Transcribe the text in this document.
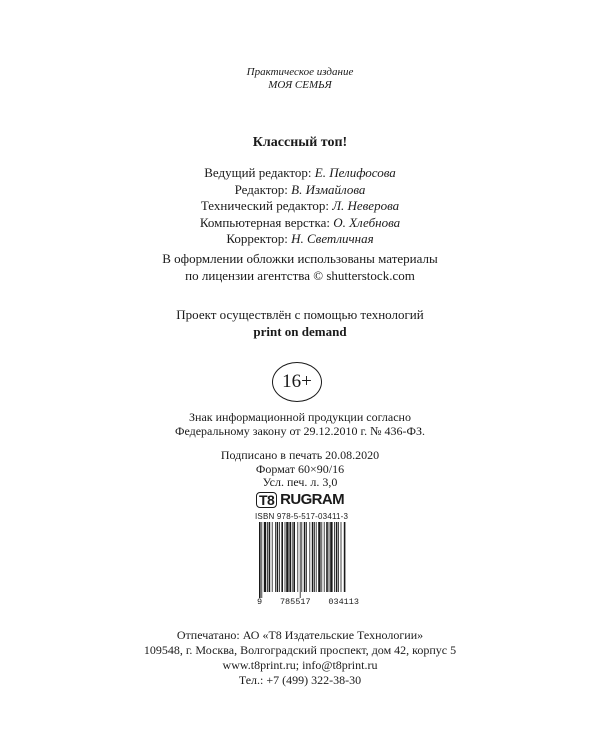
Практическое издание
МОЯ СЕМЬЯ
Классный топ!
Ведущий редактор: Е. Пелифосова
Редактор: В. Измайлова
Технический редактор: Л. Неверова
Компьютерная верстка: О. Хлебнова
Корректор: Н. Светличная
В оформлении обложки использованы материалы
по лицензии агентства © shutterstock.com
Проект осуществлён с помощью технологий
print on demand
16+
Знак информационной продукции согласно
Федеральному закону от 29.12.2010 г. № 436-ФЗ.
Подписано в печать 20.08.2020
Формат 60×90/16
Усл. печ. л. 3,0
T8 RUGRAM
ISBN 978-5-517-03411-3
9 785517 034113
Отпечатано: АО «Т8 Издательские Технологии»
109548, г. Москва, Волгоградский проспект, дом 42, корпус 5
www.t8print.ru; info@t8print.ru
Тел.: +7 (499) 322-38-30
